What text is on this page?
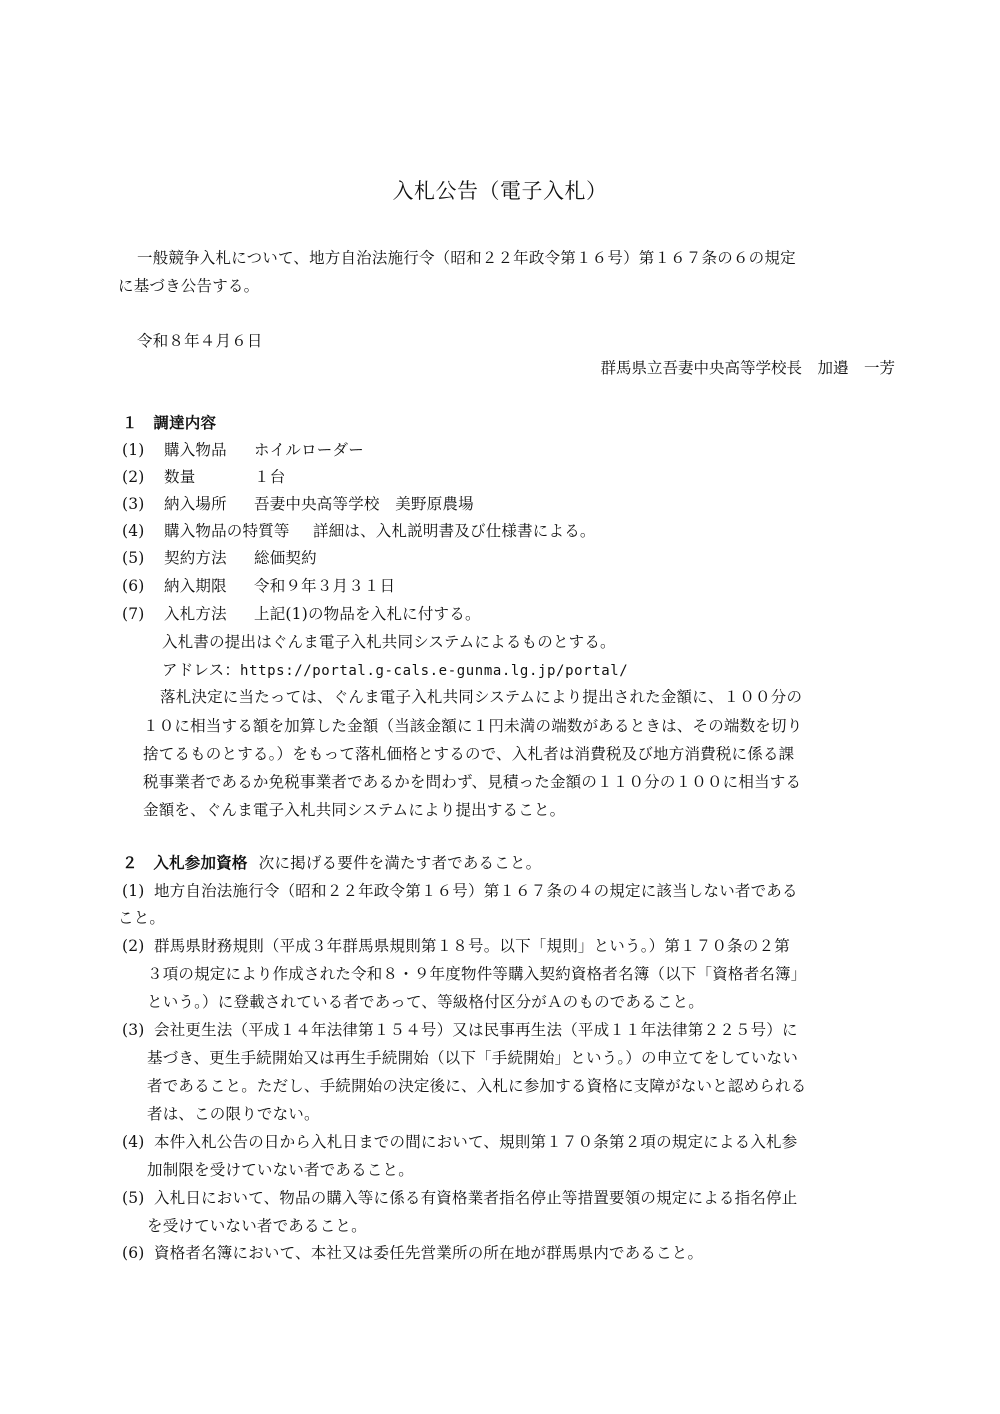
入札公告（電子入札）
一般競争入札について、地方自治法施行令（昭和２２年政令第１６号）第１６７条の６の規定
に基づき公告する。
令和８年４月６日
群馬県立吾妻中央高等学校長　加邉　一芳
１　調達内容
(1) 購入物品 ホイルローダー
(2) 数量	１台
(3) 納入場所 吾妻中央高等学校　美野原農場
(4) 購入物品の特質等 詳細は、入札説明書及び仕様書による。
(5) 契約方法 総価契約
(6) 納入期限 令和９年３月３１日
(7) 入札方法 上記(1)の物品を入札に付する。
入札書の提出はぐんま電子入札共同システムによるものとする。
アドレス：https://portal.g-cals.e-gunma.lg.jp/portal/
落札決定に当たっては、ぐんま電子入札共同システムにより提出された金額に、１００分の
１０に相当する額を加算した金額（当該金額に１円未満の端数があるときは、その端数を切り
捨てるものとする。）をもって落札価格とするので、入札者は消費税及び地方消費税に係る課
税事業者であるか免税事業者であるかを問わず、見積った金額の１１０分の１００に相当する
金額を、ぐんま電子入札共同システムにより提出すること。
２　入札参加資格 次に掲げる要件を満たす者であること。
(1) 地方自治法施行令（昭和２２年政令第１６号）第１６７条の４の規定に該当しない者である
こと。
(2) 群馬県財務規則（平成３年群馬県規則第１８号。以下「規則」という。）第１７０条の２第
３項の規定により作成された令和８・９年度物件等購入契約資格者名簿（以下「資格者名簿」
という。）に登載されている者であって、等級格付区分がＡのものであること。
(3) 会社更生法（平成１４年法律第１５４号）又は民事再生法（平成１１年法律第２２５号）に
基づき、更生手続開始又は再生手続開始（以下「手続開始」という。）の申立てをしていない
者であること。ただし、手続開始の決定後に、入札に参加する資格に支障がないと認められる
者は、この限りでない。
(4) 本件入札公告の日から入札日までの間において、規則第１７０条第２項の規定による入札参
加制限を受けていない者であること。
(5) 入札日において、物品の購入等に係る有資格業者指名停止等措置要領の規定による指名停止
を受けていない者であること。
(6) 資格者名簿において、本社又は委任先営業所の所在地が群馬県内であること。
